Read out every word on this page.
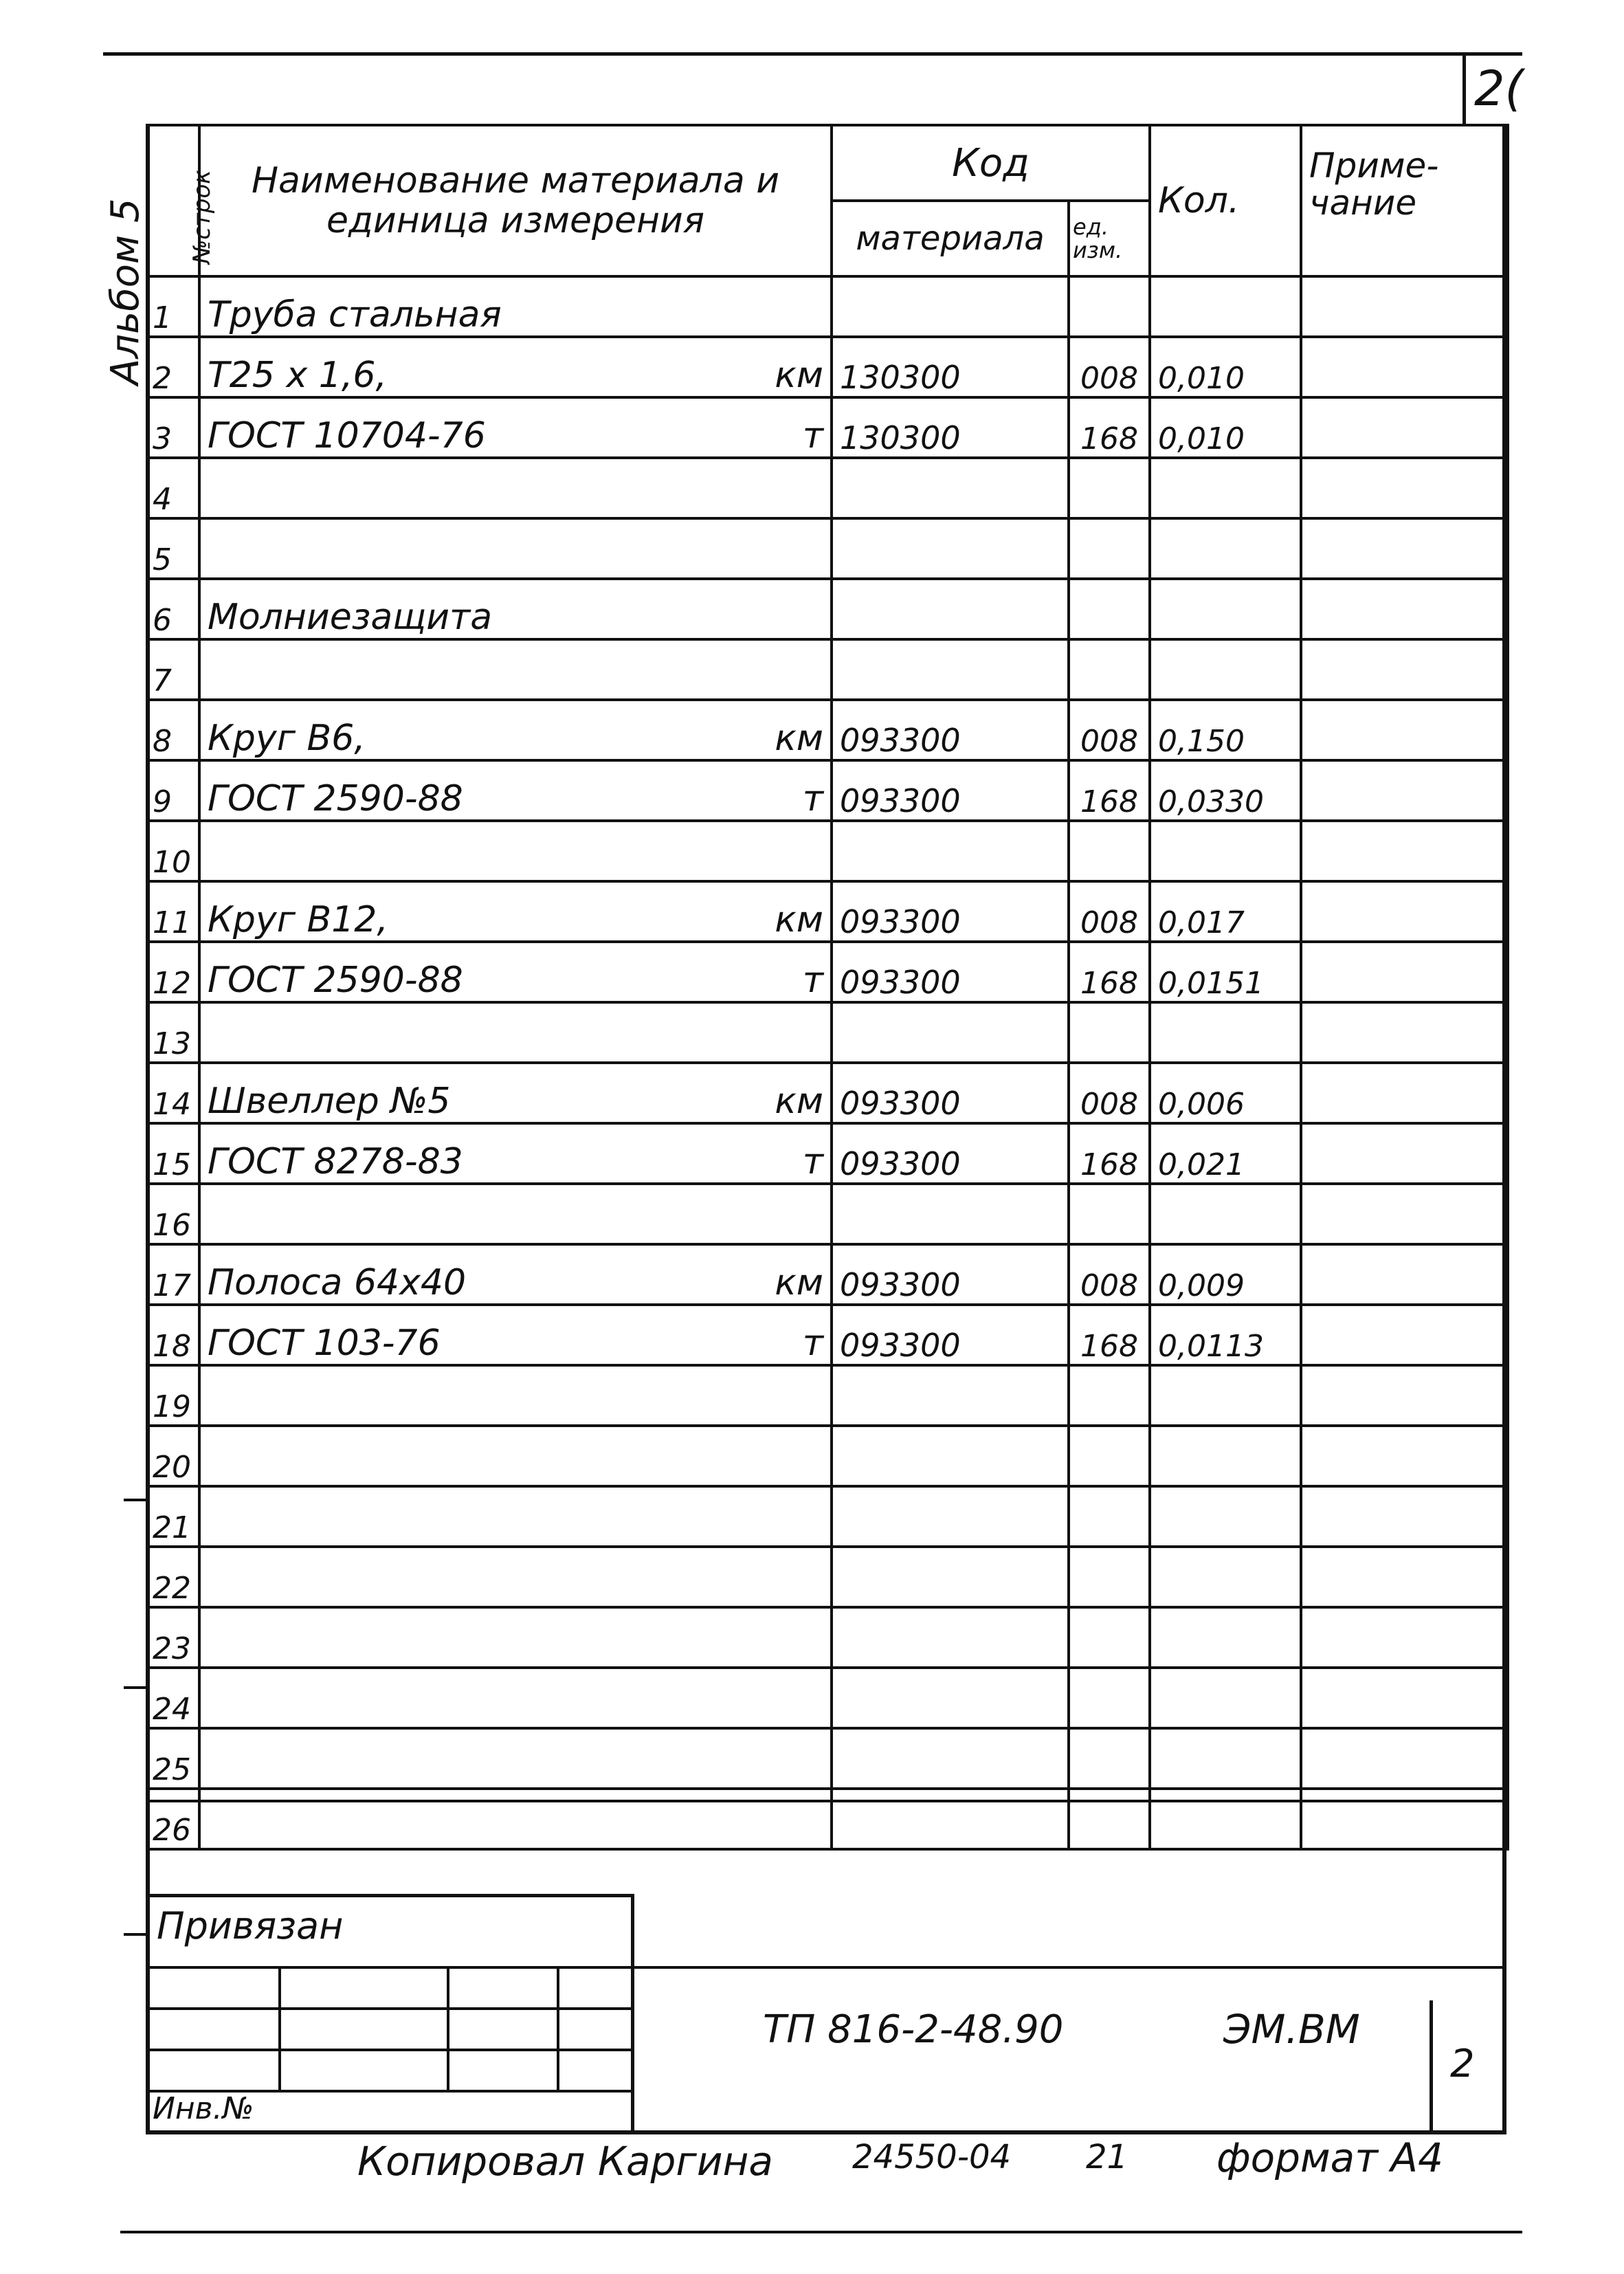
2(
Альбом 5 №строк	Наименование материала и единица измерения	Код		Кол.	Приме- чание
		материала	ед. изм.		
1	Труба стальная

2	Т25 х 1,6, км	130300	008	0,010	
3	ГОСТ 10704-76 т	130300	168	0,010	
4	

5	

6	Молниезащита

7	

8	Круг В6, км	093300	008	0,150	
9	ГОСТ 2590-88 т	093300	168	0,0330	
10	

11	Круг В12, км	093300	008	0,017	
12	ГОСТ 2590-88 т	093300	168	0,0151	
13	

14	Швеллер №5 км	093300	008	0,006	
15	ГОСТ 8278-83 т	093300	168	0,021	
16	

17	Полоса 64х40 км	093300	008	0,009	
18	ГОСТ 103-76 т	093300	168	0,0113	
19	

20	

21	

22	

23	

24	

25	

26	

Привязан
Инв.№
ТП 816-2-48.90	ЭМ.ВМ
2
Копировал Каргина 24550-04 21 формат А4
